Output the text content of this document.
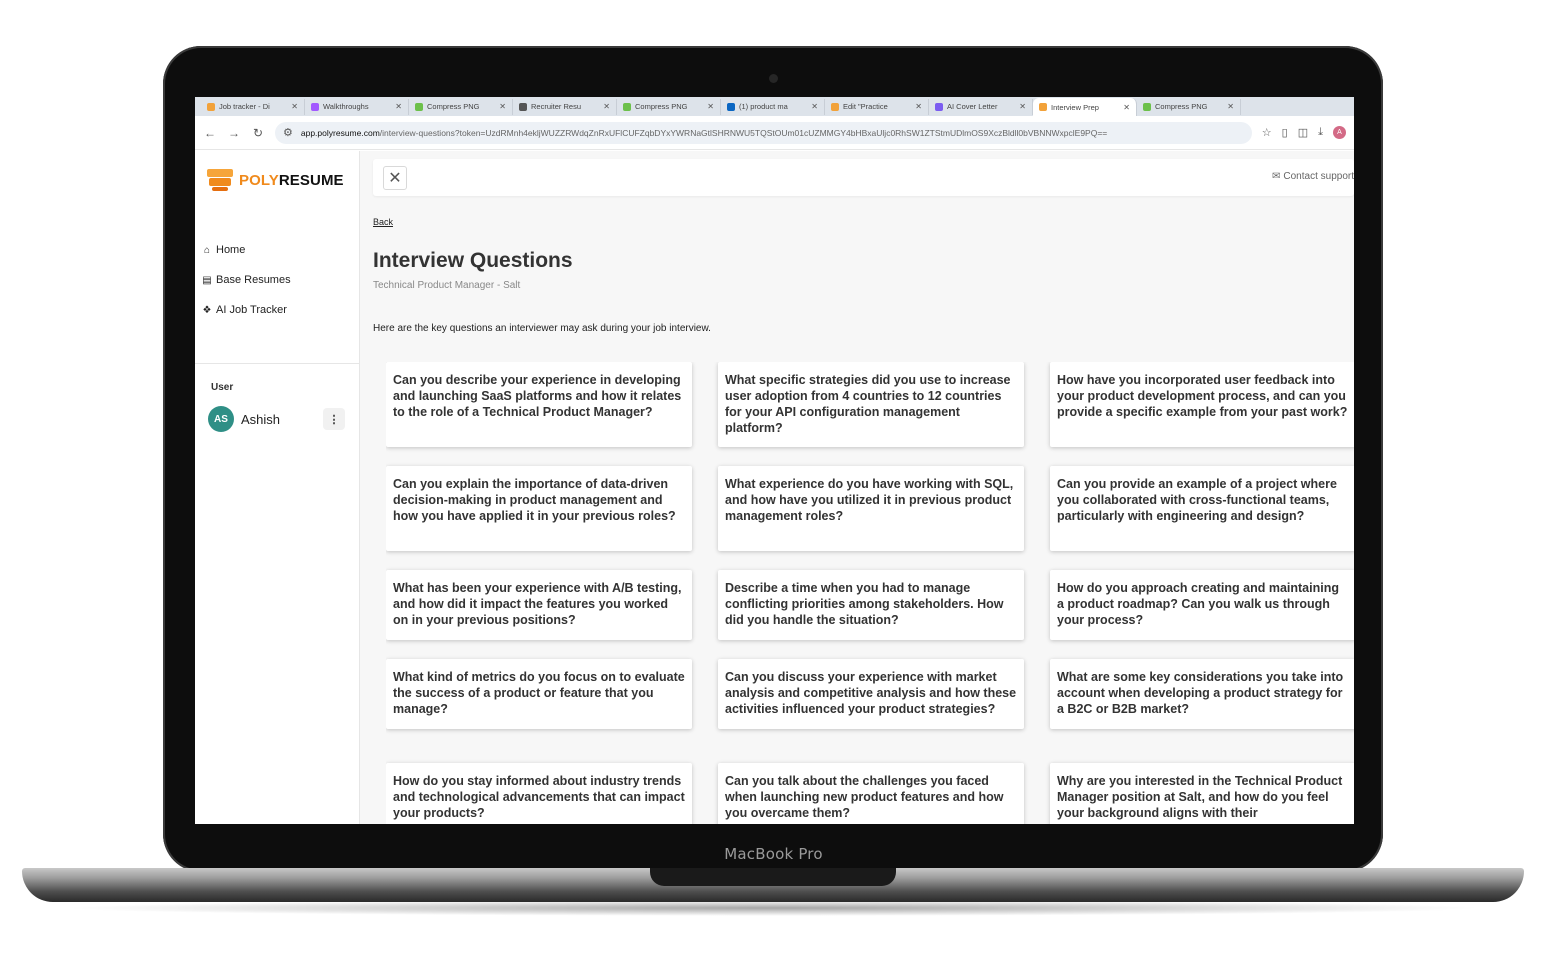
MacBook Pro
Job tracker - Di	✕	Walkthroughs	✕	Compress PNG	✕	Recruiter Resu	✕	Compress PNG	✕	(1) product ma	✕	Edit "Practice	✕	AI Cover Letter	✕	Interview Prep	✕	Compress PNG	✕
← → ↻ ⚙ app.polyresume.com/interview-questions?token=UzdRMnh4ekljWUZZRWdqZnRxUFlCUFZqbDYxYWRNaGtlSHRNWU5TQStOUm01cUZMMGY4bHBxaUljc0RhSW1ZTStmUDlmOS9XczBldll0bVBNNWxpclE9PQ==	☆ ▯ ◫ ⤓	A
POLYRESUME
⌂ Home
▤ Base Resumes
❖ AI Job Tracker
User
AS	Ashish	⋮
✕	✉ Contact support
Back
Interview Questions
Technical Product Manager - Salt

Here are the key questions an interviewer may ask during your job interview.

Can you describe your experience in developing and launching SaaS platforms and how it relates to the role of a Technical Product Manager?
What specific strategies did you use to increase user adoption from 4 countries to 12 countries for your API configuration management platform?
How have you incorporated user feedback into your product development process, and can you provide a specific example from your past work?
Can you explain the importance of data-driven decision-making in product management and how you have applied it in your previous roles?
What experience do you have working with SQL, and how have you utilized it in previous product management roles?
Can you provide an example of a project where you collaborated with cross-functional teams, particularly with engineering and design?
What has been your experience with A/B testing, and how did it impact the features you worked on in your previous positions?
Describe a time when you had to manage conflicting priorities among stakeholders. How did you handle the situation?
How do you approach creating and maintaining a product roadmap? Can you walk us through your process?
What kind of metrics do you focus on to evaluate the success of a product or feature that you manage?
Can you discuss your experience with market analysis and competitive analysis and how these activities influenced your product strategies?
What are some key considerations you take into account when developing a product strategy for a B2C or B2B market?
How do you stay informed about industry trends and technological advancements that can impact your products?
Can you talk about the challenges you faced when launching new product features and how you overcame them?
Why are you interested in the Technical Product Manager position at Salt, and how do you feel your background aligns with their
